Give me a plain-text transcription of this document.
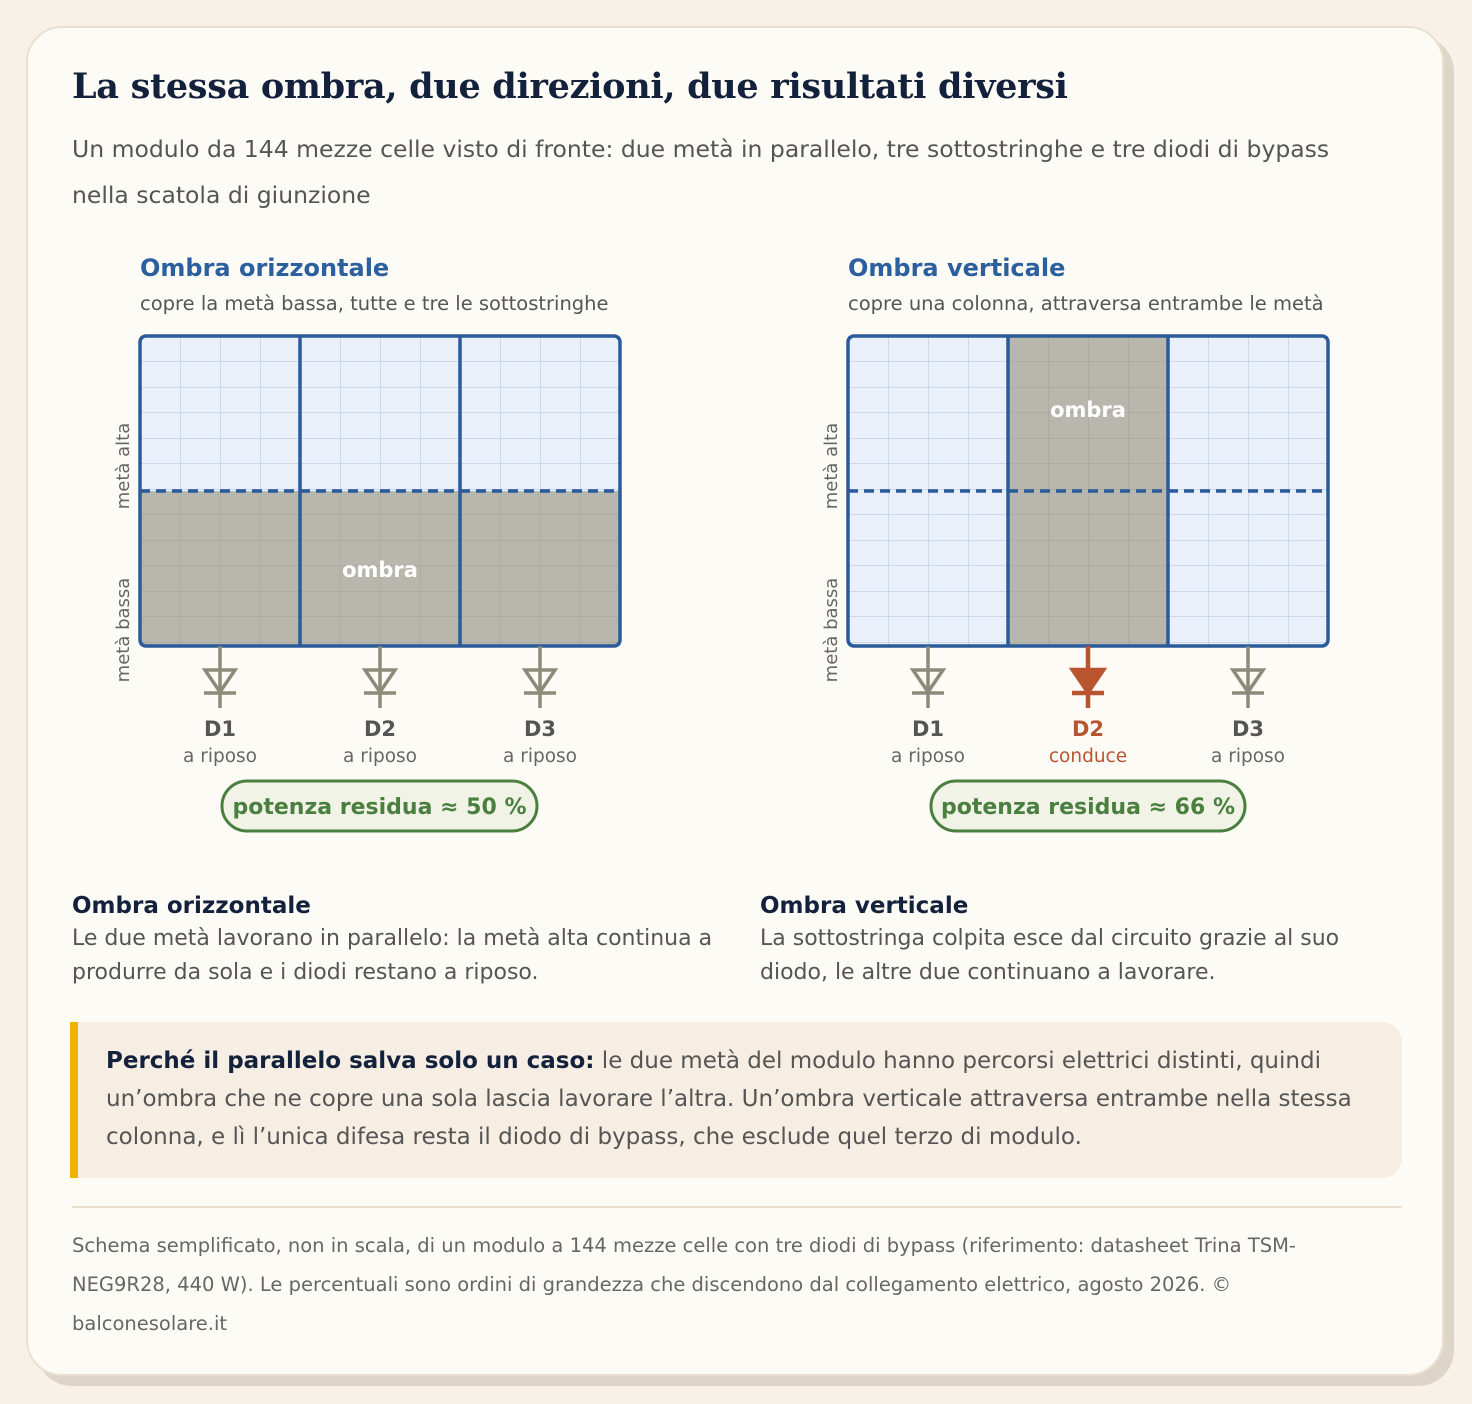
La stessa ombra, due direzioni, due risultati diversi

Un modulo da 144 mezze celle visto di fronte: due metà in parallelo, tre sottostringhe e tre diodi di bypass nella scatola di giunzione

Ombra orizzontale
copre la metà bassa, tutte e tre le sottostringhe
ombra
metà alta
metà bassa
D1
a riposo
D2
a riposo
D3
a riposo
potenza residua ≈ 50 %
Ombra verticale
copre una colonna, attraversa entrambe le metà
ombra
metà alta
metà bassa
D1
a riposo
D2
conduce
D3
a riposo
potenza residua ≈ 66 %
Ombra orizzontale

Le due metà lavorano in parallelo: la metà alta continua a produrre da sola e i diodi restano a riposo.

Ombra verticale

La sottostringa colpita esce dal circuito grazie al suo diodo, le altre due continuano a lavorare.

Perché il parallelo salva solo un caso: le due metà del modulo hanno percorsi elettrici distinti, quindi un’ombra che ne copre una sola lascia lavorare l’altra. Un’ombra verticale attraversa entrambe nella stessa colonna, e lì l’unica difesa resta il diodo di bypass, che esclude quel terzo di modulo.

Schema semplificato, non in scala, di un modulo a 144 mezze celle con tre diodi di bypass (riferimento: datasheet Trina TSM-NEG9R28, 440 W). Le percentuali sono ordini di grandezza che discendono dal collegamento elettrico, agosto 2026. © balconesolare.it
